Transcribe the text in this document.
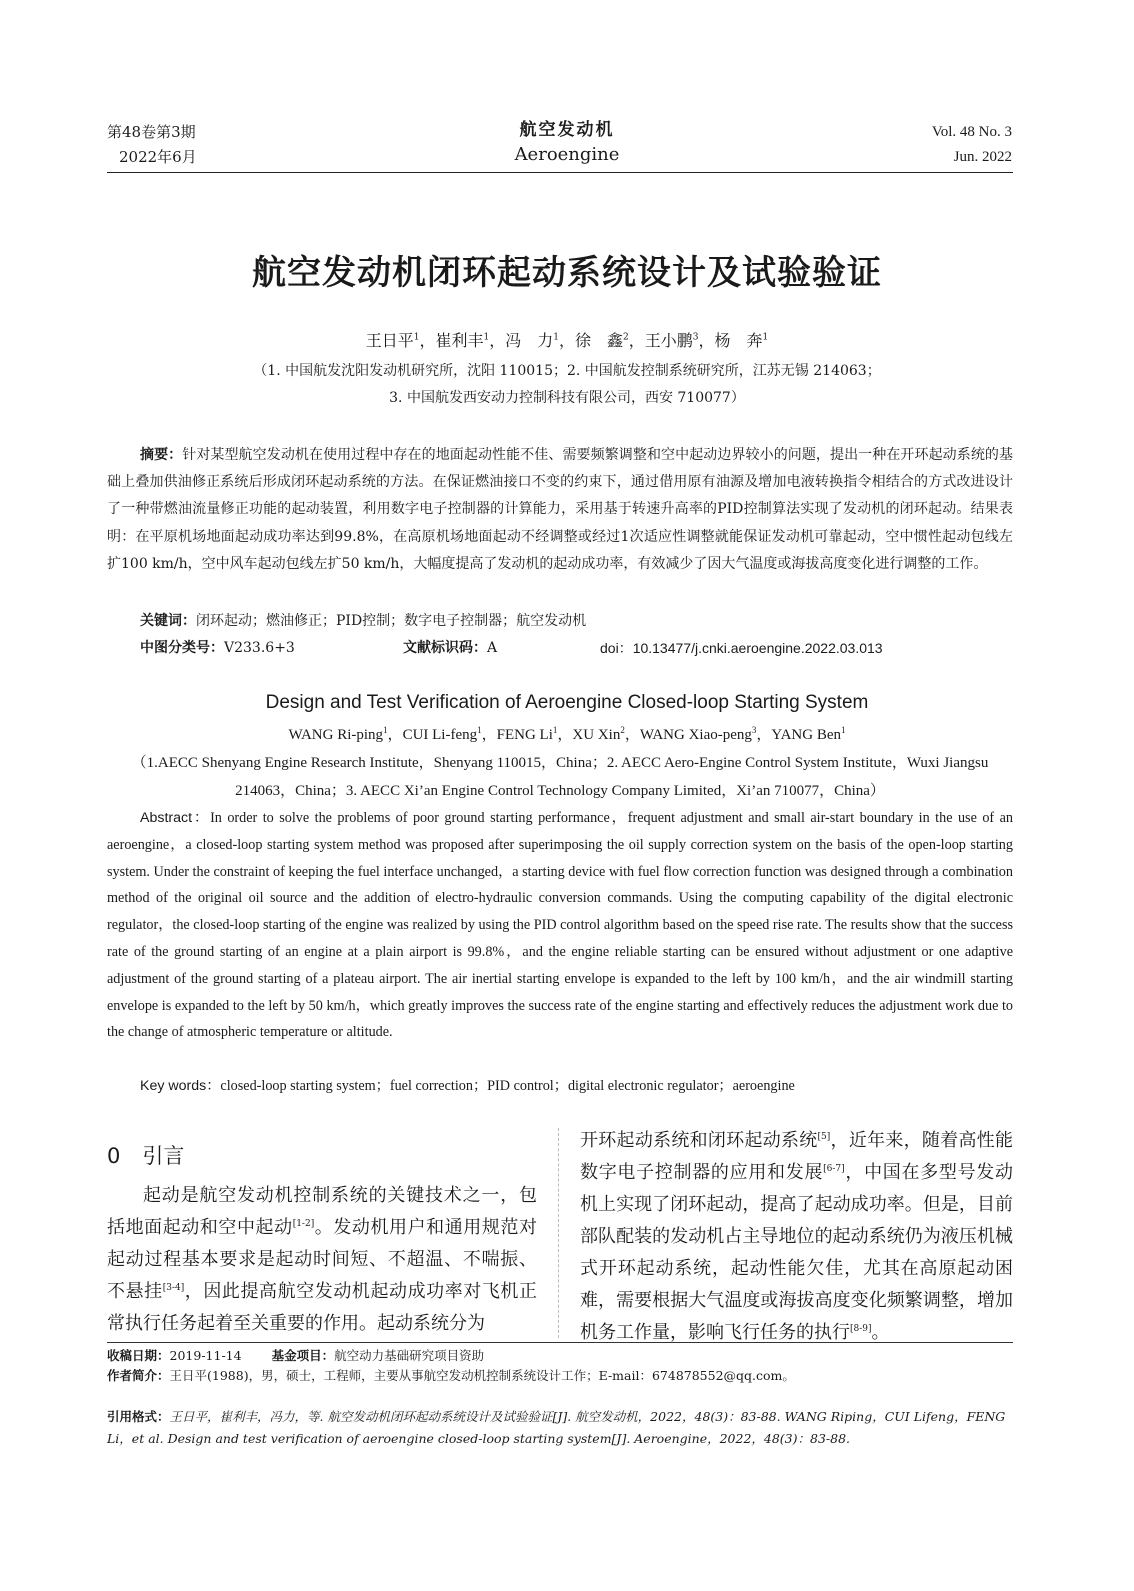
第48卷第3期
2022年6月
航空发动机
Aeroengine
Vol. 48 No. 3
Jun. 2022
航空发动机闭环起动系统设计及试验验证
王日平$^1$，崔利丰$^1$，冯　力$^1$，徐　鑫$^2$，王小鹏$^3$，杨　奔$^1$
（1. 中国航发沈阳发动机研究所，沈阳 110015；2. 中国航发控制系统研究所，江苏无锡 214063；
3. 中国航发西安动力控制科技有限公司，西安 710077）
摘要：针对某型航空发动机在使用过程中存在的地面起动性能不佳、需要频繁调整和空中起动边界较小的问题，提出一种在开环起动系统的基础上叠加供油修正系统后形成闭环起动系统的方法。在保证燃油接口不变的约束下，通过借用原有油源及增加电液转换指令相结合的方式改进设计了一种带燃油流量修正功能的起动装置，利用数字电子控制器的计算能力，采用基于转速升高率的PID控制算法实现了发动机的闭环起动。结果表明：在平原机场地面起动成功率达到99.8%，在高原机场地面起动不经调整或经过1次适应性调整就能保证发动机可靠起动，空中惯性起动包线左扩100 km/h，空中风车起动包线左扩50 km/h，大幅度提高了发动机的起动成功率，有效减少了因大气温度或海拔高度变化进行调整的工作。
关键词：闭环起动；燃油修正；PID控制；数字电子控制器；航空发动机
中图分类号：V233.6+3	文献标识码：A	doi：10.13477/j.cnki.aeroengine.2022.03.013
Design and Test Verification of Aeroengine Closed-loop Starting System
WANG Ri-ping$^1$，CUI Li-feng$^1$，FENG Li$^1$，XU Xin$^2$，WANG Xiao-peng$^3$，YANG Ben$^1$
（1.AECC Shenyang Engine Research Institute，Shenyang 110015，China；2. AECC Aero-Engine Control System Institute，Wuxi Jiangsu
214063，China；3. AECC Xi’an Engine Control Technology Company Limited，Xi’an 710077，China）
Abstract：In order to solve the problems of poor ground starting performance，frequent adjustment and small air-start boundary in the use of an aeroengine，a closed-loop starting system method was proposed after superimposing the oil supply correction system on the basis of the open-loop starting system. Under the constraint of keeping the fuel interface unchanged，a starting device with fuel flow correction function was designed through a combination method of the original oil source and the addition of electro-hydraulic conversion commands. Using the computing capability of the digital electronic regulator，the closed-loop starting of the engine was realized by using the PID control algorithm based on the speed rise rate. The results show that the success rate of the ground starting of an engine at a plain airport is 99.8%，and the engine reliable starting can be ensured without adjustment or one adaptive adjustment of the ground starting of a plateau airport. The air inertial starting envelope is expanded to the left by 100 km/h，and the air windmill starting envelope is expanded to the left by 50 km/h，which greatly improves the success rate of the engine starting and effectively reduces the adjustment work due to the change of atmospheric temperature or altitude.
Key words：closed-loop starting system；fuel correction；PID control；digital electronic regulator；aeroengine
0 引言
起动是航空发动机控制系统的关键技术之一，包括地面起动和空中起动[1-2]。发动机用户和通用规范对起动过程基本要求是起动时间短、不超温、不喘振、不悬挂[3-4]，因此提高航空发动机起动成功率对飞机正常执行任务起着至关重要的作用。起动系统分为
开环起动系统和闭环起动系统[5]，近年来，随着高性能数字电子控制器的应用和发展[6-7]，中国在多型号发动机上实现了闭环起动，提高了起动成功率。但是，目前部队配装的发动机占主导地位的起动系统仍为液压机械式开环起动系统，起动性能欠佳，尤其在高原起动困难，需要根据大气温度或海拔高度变化频繁调整，增加机务工作量，影响飞行任务的执行[8-9]。
收稿日期：2019-11-14 基金项目：航空动力基础研究项目资助
作者简介：王日平(1988)，男，硕士，工程师，主要从事航空发动机控制系统设计工作；E-mail：674878552@qq.com。
引用格式：王日平，崔利丰，冯力，等. 航空发动机闭环起动系统设计及试验验证[J]. 航空发动机，2022，48(3)：83-88. WANG Riping，CUI Lifeng，FENG Li，et al. Design and test verification of aeroengine closed-loop starting system[J]. Aeroengine，2022，48(3)：83-88.
